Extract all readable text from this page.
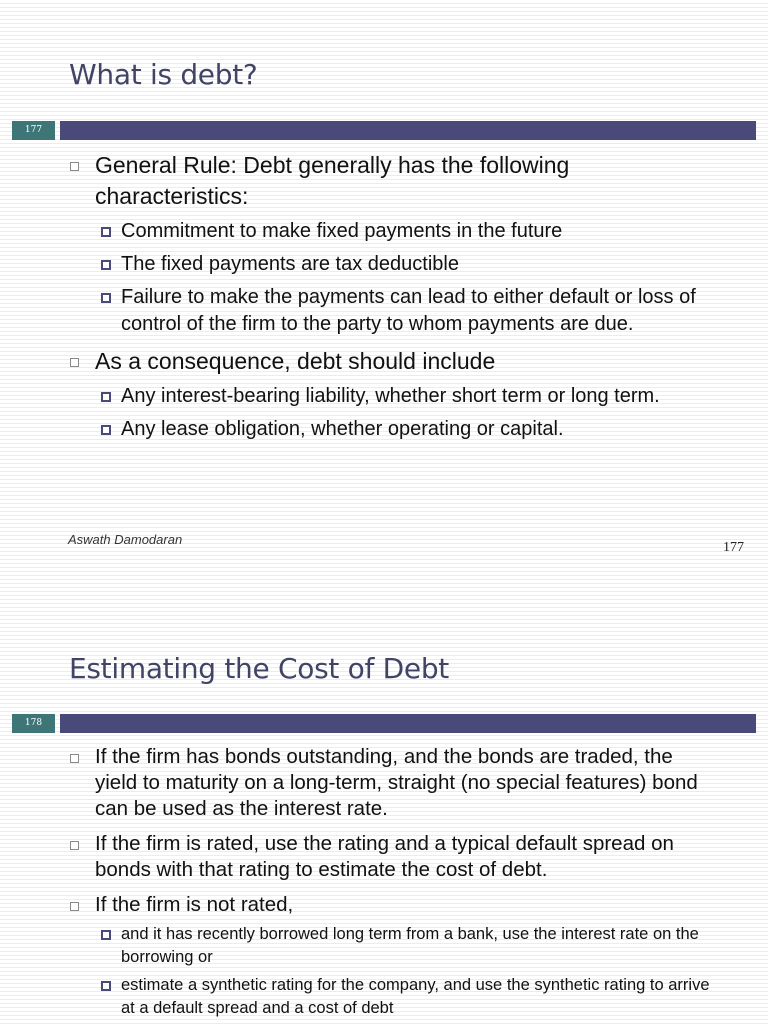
What is debt?
177
General Rule: Debt generally has the following characteristics:
Commitment to make fixed payments in the future
The fixed payments are tax deductible
Failure to make the payments can lead to either default or loss of control of the firm to the party to whom payments are due.
As a consequence, debt should include
Any interest-bearing liability, whether short term or long term.
Any lease obligation, whether operating or capital.
Aswath Damodaran
177
Estimating the Cost of Debt
178
If the firm has bonds outstanding, and the bonds are traded, the yield to maturity on a long-term, straight (no special features) bond can be used as the interest rate.
If the firm is rated, use the rating and a typical default spread on bonds with that rating to estimate the cost of debt.
If the firm is not rated,
and it has recently borrowed long term from a bank, use the interest rate on the borrowing or
estimate a synthetic rating for the company, and use the synthetic rating to arrive at a default spread and a cost of debt
